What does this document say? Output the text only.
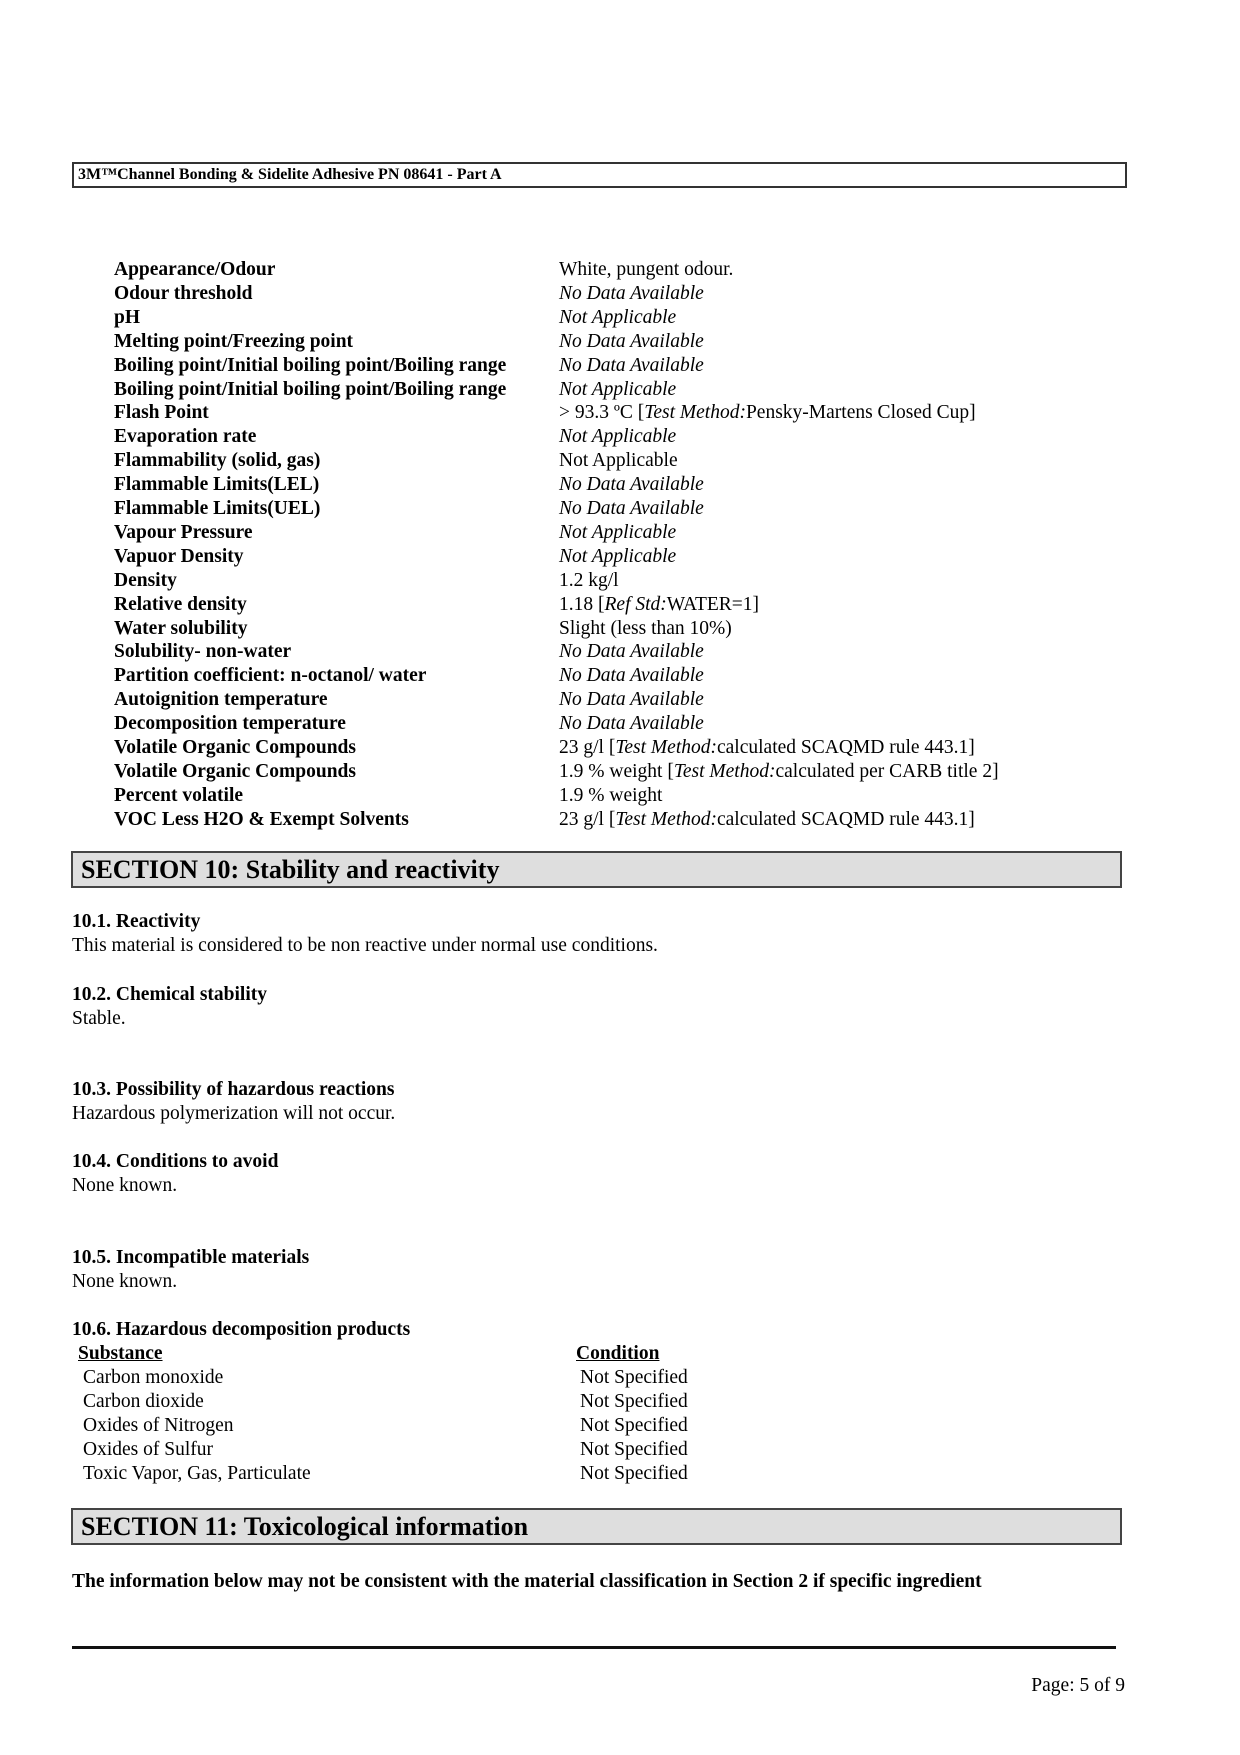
3M™Channel Bonding & Sidelite Adhesive PN 08641 - Part A
Appearance/Odour	White, pungent odour.
Odour threshold	No Data Available
pH	Not Applicable
Melting point/Freezing point	No Data Available
Boiling point/Initial boiling point/Boiling range	No Data Available
Boiling point/Initial boiling point/Boiling range	Not Applicable
Flash Point	> 93.3 ºC [Test Method:Pensky-Martens Closed Cup]
Evaporation rate	Not Applicable
Flammability (solid, gas)	Not Applicable
Flammable Limits(LEL)	No Data Available
Flammable Limits(UEL)	No Data Available
Vapour Pressure	Not Applicable
Vapuor Density	Not Applicable
Density	1.2 kg/l
Relative density	1.18 [Ref Std:WATER=1]
Water solubility	Slight (less than 10%)
Solubility- non-water	No Data Available
Partition coefficient: n-octanol/ water	No Data Available
Autoignition temperature	No Data Available
Decomposition temperature	No Data Available
Volatile Organic Compounds	23 g/l [Test Method:calculated SCAQMD rule 443.1]
Volatile Organic Compounds	1.9 % weight [Test Method:calculated per CARB title 2]
Percent volatile	1.9 % weight
VOC Less H2O & Exempt Solvents	23 g/l [Test Method:calculated SCAQMD rule 443.1]
SECTION 10: Stability and reactivity
10.1. Reactivity
This material is considered to be non reactive under normal use conditions.
10.2. Chemical stability
Stable.
10.3. Possibility of hazardous reactions
Hazardous polymerization will not occur.
10.4. Conditions to avoid
None known.
10.5. Incompatible materials
None known.
10.6. Hazardous decomposition products
Substance	Condition
Carbon monoxide	Not Specified
Carbon dioxide	Not Specified
Oxides of Nitrogen	Not Specified
Oxides of Sulfur	Not Specified
Toxic Vapor, Gas, Particulate	Not Specified
SECTION 11: Toxicological information
The information below may not be consistent with the material classification in Section 2 if specific ingredient
Page: 5 of 9
